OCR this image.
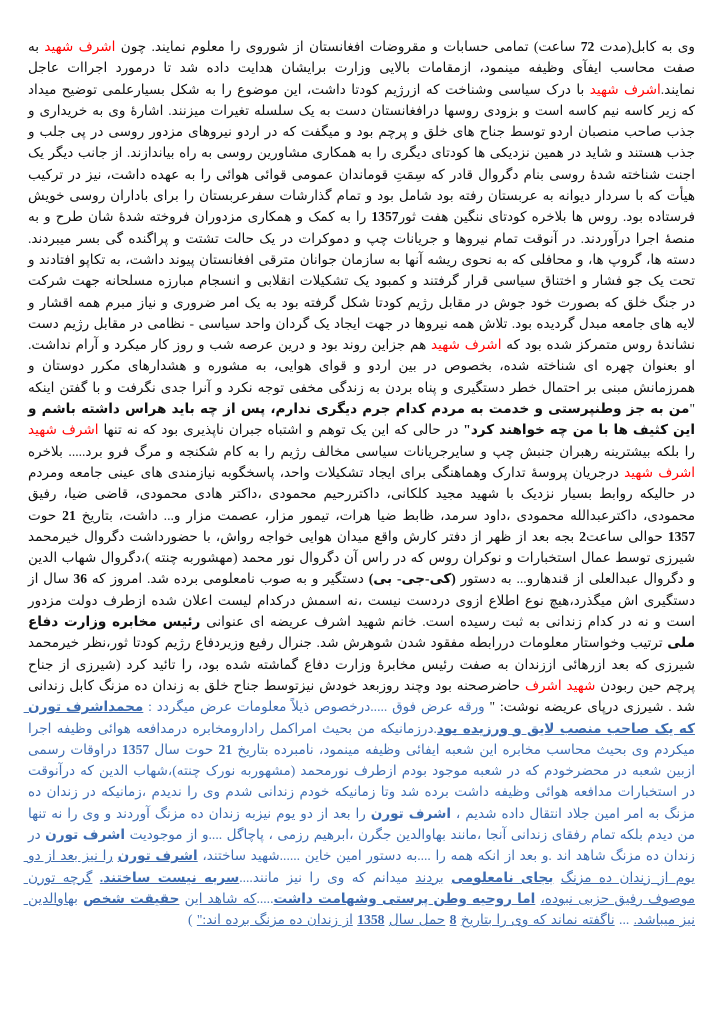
وی به کابل(مدت 72 ساعت) تمامی حسابات و مقروضات افغانستان از شوروی را معلوم نمایند. چون اشرف شهید به صفت محاسب ایفآی وظیفه مینمود، ازمقامات بالایی وزارت برایشان هدایت داده شد تا درمورد اجراات عاجل نمایند.اشرف شهید با درک سیاسی وشناخت که ازرژیم کودتا داشت، این موضوع را به شکل بسیارعلمی توضیح میداد که زیر کاسه نیم کاسه است و بزودی روسها درافغانستان دست به یک سلسله تغیرات میزنند. اشارهٔ وی به خریداری و جذب صاحب منصبان اردو توسط جناح های خلق و پرچم بود و میگفت که در اردو نیروهای مزدور روسی در پی جلب و جذب هستند و شاید در همین نزدیکی ها کودتای دیگری را به همکاری مشاورین روسی به راه بیاندازند. از جانب دیگر یک اجنت شناخته شدهٔ روسی بنام دگروال قادر که سِمَتِ قوماندان عمومی قوائی هوائی را به عهده داشت، نیز در ترکیب هیأت که با سردار دیوانه به عربستان رفته بود شامل بود و تمام گذارشات سفرعربستان را برای باداران روسی خویش فرستاده بود. روس ها بلاخره کودتای ننگین هفت ثور1357 را به کمک و همکاری مزدوران فروخته شدهٔ شان طرح و به منصهٔ اجرا درآوردند. در آنوقت تمام نیروها و جریانات چپ و دموکرات در یک حالت تشتت و پراگنده گی بسر میبردند. دسته ها، گروپ ها، و محافلی که به نحوی ریشه آنها به سازمان جوانان مترقی افغانستان پیوند داشت، به تکاپو افتادند و تحت یک جو فشار و اختناق سیاسی قرار گرفتند و کمبود یک تشکیلات انقلابی و انسجام مبارزه مسلحانه جهت شرکت در جنگ خلق که بصورت خود جوش در مقابل رژیم کودتا شکل گرفته بود به یک امر ضروری و نیاز مبرم همه اقشار و لایه های جامعه مبدل گردیده بود. تلاش همه نیروها در جهت ایجاد یک گردان واحد سیاسی - نظامی در مقابل رژیم دست نشاندهٔ روس متمرکز شده بود که اشرف شهید هم جزاین روند بود و درین عرصه شب و روز کار میکرد و آرام نداشت. او بعنوان چهره ای شناخته شده، بخصوص در بین اردو و قوای هوایی، به مشوره و هشدارهای مکرر دوستان و همرزمانش مبنی بر احتمال خطر دستگیری و پناه بردن به زندگی مخفی توجه نکرد و آنرا جدی نگرفت و با گفتن اینکه "من به جز وطنپرستی و خدمت به مردم کدام جرم دیگری ندارم، پس از چه باید هراس داشته باشم و این کثیف ها با من چه خواهند کرد" در حالی که این یک توهم و اشتباه جبران ناپذیری بود که نه تنها اشرف شهید را بلکه بیشترینه رهبران جنبش چپ و سایرجریانات سیاسی مخالف رژیم را به کام شکنجه و مرگ فرو برد..... بلاخره اشرف شهید درجریان پروسهٔ تدارک وهماهنگی برای ایجاد تشکیلات واحد، پاسخگوبه نیازمندی های عینی جامعه ومردم در حالیکه روابط بسیار نزدیک با شهید مجید کلکانی، داکتررحیم محمودی ،داکتر هادی محمودی، قاضی ضیا، رفیق محمودی، داکترعبدالله محمودی ،داود سرمد، ظابط ضیا هرات، تیمور مزار، عصمت مزار و... داشت، بتاریخ 21 حوت 1357 حوالی ساعت2 بجه بعد از ظهر از دفتر کارش واقع میدان هوایی خواجه رواش، با حضورداشت دگروال خیرمحمد شیرزی توسط عمال استخبارات و نوکران روس که در راس آن دگروال نور محمد (مهشوربه چنته )،دگروال شهاب الدین و دگروال عبدالعلی از قندهارو... به دستور (کی-جی- بی) دستگیر و به صوب نامعلومی برده شد. امروز که 36 سال از دستگیری اش میگذرد،هیچ نوع اطلاع ازوی دردست نیست ،نه اسمش درکدام لیست اعلان شده ازطرف دولت مزدور است و نه در کدام زندانی به ثبت رسیده است. خانم شهید اشرف عریضه ای عنوانی رئیس مخابره وزارت دفاع ملی ترتیب وخواستار معلومات دررابطه مفقود شدن شوهرش شد. جنرال رفیع وزیردفاع رژیم کودتا ثور،نظر خیرمحمد شیرزی که بعد ازرهائی اززندان به صفت رئیس مخابرهٔ وزارت دفاع گماشته شده بود، را تائید کرد (شیرزی از جناح پرچم حین ربودن شهید اشرف حاضرصحنه بود وچند روزبعد خودش نیزتوسط جناح خلق به زندان ده مزنگ کابل زندانی شد . شیرزی درپای عریضه نوشت: " ورقه عرض فوق .....درخصوص ذیلاً معلومات عرض میگردد : محمداشرف تورن که یک صاحب منصب لایق و ورزیده بود.درزمانیکه من بحیث امراکمل رادارومخابره درمدافعه هوائی وظیفه اجرا میکردم وی بحیث محاسب مخابره این شعبه ایفائی وظیفه مینمود، نامبرده بتاریخ 21 حوت سال 1357 دراوقات رسمی ازبین شعبه در محضرخودم که در شعبه موجود بودم ازطرف نورمحمد (مشهوربه نورک چنته)،شهاب الدین که درآنوقت در استخبارات مدافعه هوائی وظیفه داشت برده شد وتا زمانیکه خودم زندانی شدم وی را ندیدم ،زمانیکه در زندان ده مزنگ به امر امین جلاد انتقال داده شدیم ، اشرف تورن را بعد از دو یوم نیزبه زندان ده مزنگ آوردند و وی را نه تنها من دیدم بلکه تمام رفقای زندانی آنجا ،مانند بهاوالدین جگرن ،ابرهیم رزمی ، پاچاگل ....و از موجودیت اشرف تورن در زندان ده مزنگ شاهد اند .و بعد از انکه همه را ....به دستور امین خاین ......شهید ساختند، اشرف تورن را نیز بعد از دو یوم از زندان ده مزنگ بجای نامعلومی بردند میدانم که وی را نیز مانند....سربه نیست ساختند. گرچه تورن موصوف رفیق حزبی نبوده، اما روحیه وطن پرستی وشهامت داشت.....که شاهد این حقیقت شخص بهاوالدین نیز میباشد. ... ناگفته نماند که وی را بتاریخ 8 حمل سال 1358 از زندان ده مزنگ برده اند:" )
